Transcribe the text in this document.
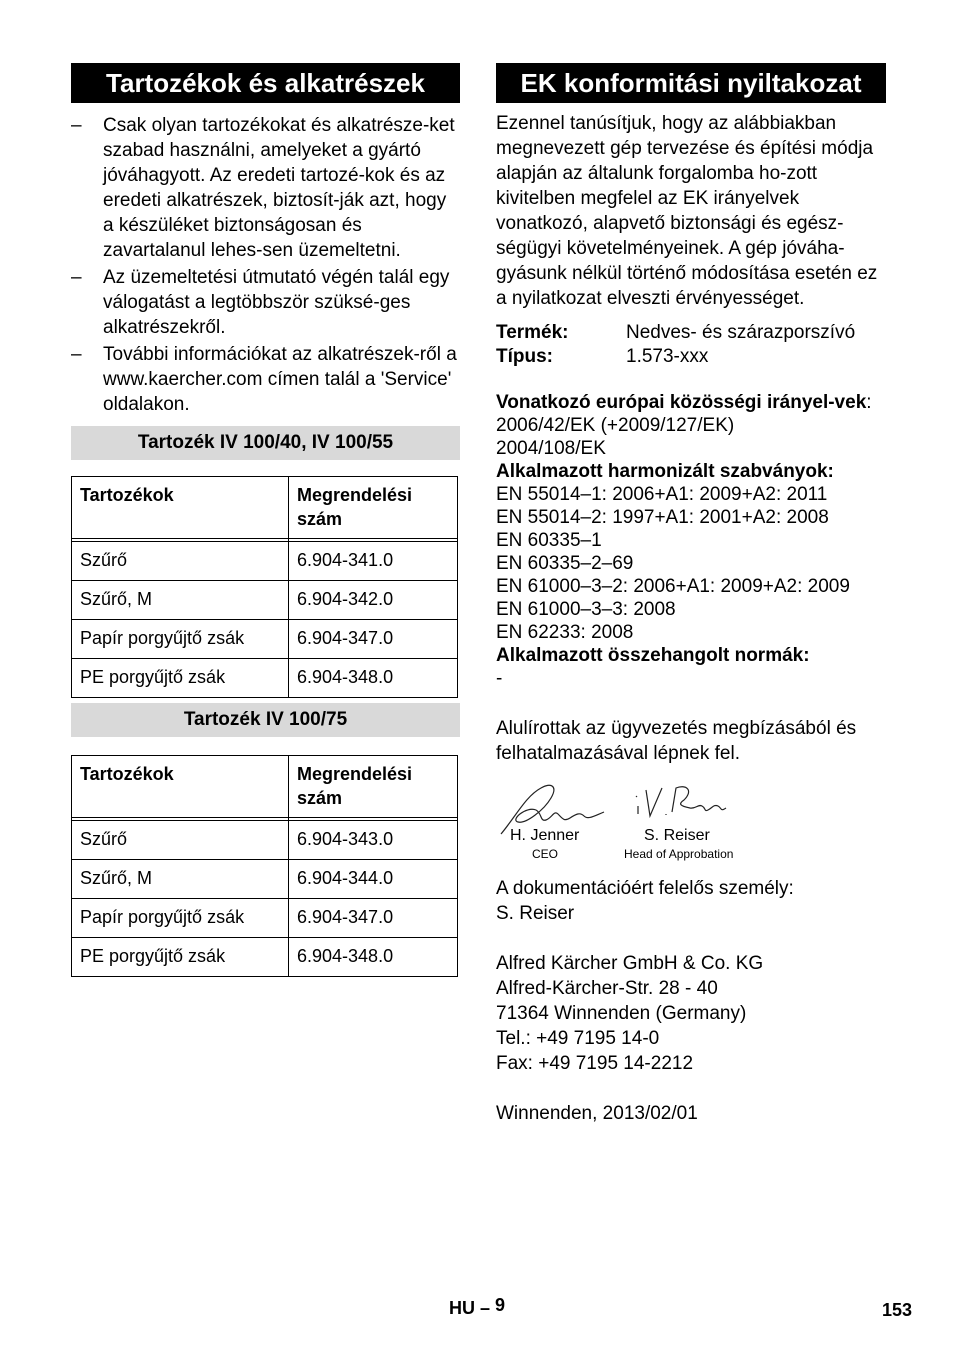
Tartozékok és alkatrészek
– Csak olyan tartozékokat és alkatrésze-ket szabad használni, amelyeket a gyártó jóváhagyott. Az eredeti tartozé-kok és az eredeti alkatrészek, biztosít-ják azt, hogy a készüléket biztonságosan és zavartalanul lehes-sen üzemeltetni.
– Az üzemeltetési útmutató végén talál egy válogatást a legtöbbször szüksé-ges alkatrészekről.
– További információkat az alkatrészek-ről a www.kaercher.com címen talál a 'Service' oldalakon.
Tartozék IV 100/40, IV 100/55
Tartozékok	Megrendelési szám

Szűrő	6.904-341.0
Szűrő, M	6.904-342.0
Papír porgyűjtő zsák	6.904-347.0
PE porgyűjtő zsák	6.904-348.0
Tartozék IV 100/75
Tartozékok	Megrendelési szám

Szűrő	6.904-343.0
Szűrő, M	6.904-344.0
Papír porgyűjtő zsák	6.904-347.0
PE porgyűjtő zsák	6.904-348.0
EK konformitási nyiltakozat
Ezennel tanúsítjuk, hogy az alábbiakban megnevezett gép tervezése és építési módja alapján az általunk forgalomba ho-zott kivitelben megfelel az EK irányelvek vonatkozó, alapvető biztonsági és egész-ségügyi követelményeinek. A gép jóváha-gyásunk nélkül történő módosítása esetén ez a nyilatkozat elveszti érvényességet.
Termék:	Nedves- és szárazporszívó
Típus:	1.573-xxx
Vonatkozó európai közösségi irányel-vek:
2006/42/EK (+2009/127/EK)
2004/108/EK
Alkalmazott harmonizált szabványok:
EN 55014–1: 2006+A1: 2009+A2: 2011
EN 55014–2: 1997+A1: 2001+A2: 2008
EN 60335–1
EN 60335–2–69
EN 61000–3–2: 2006+A1: 2009+A2: 2009
EN 61000–3–3: 2008
EN 62233: 2008
Alkalmazott összehangolt normák:
-
Alulírottak az ügyvezetés megbízásából és felhatalmazásával lépnek fel.
H. Jenner
CEO
S. Reiser
Head of Approbation
A dokumentációért felelős személy:
S. Reiser
Alfred Kärcher GmbH & Co. KG
Alfred-Kärcher-Str. 28 - 40
71364 Winnenden (Germany)
Tel.: +49 7195 14-0
Fax: +49 7195 14-2212
Winnenden, 2013/02/01
HU – 9	153
